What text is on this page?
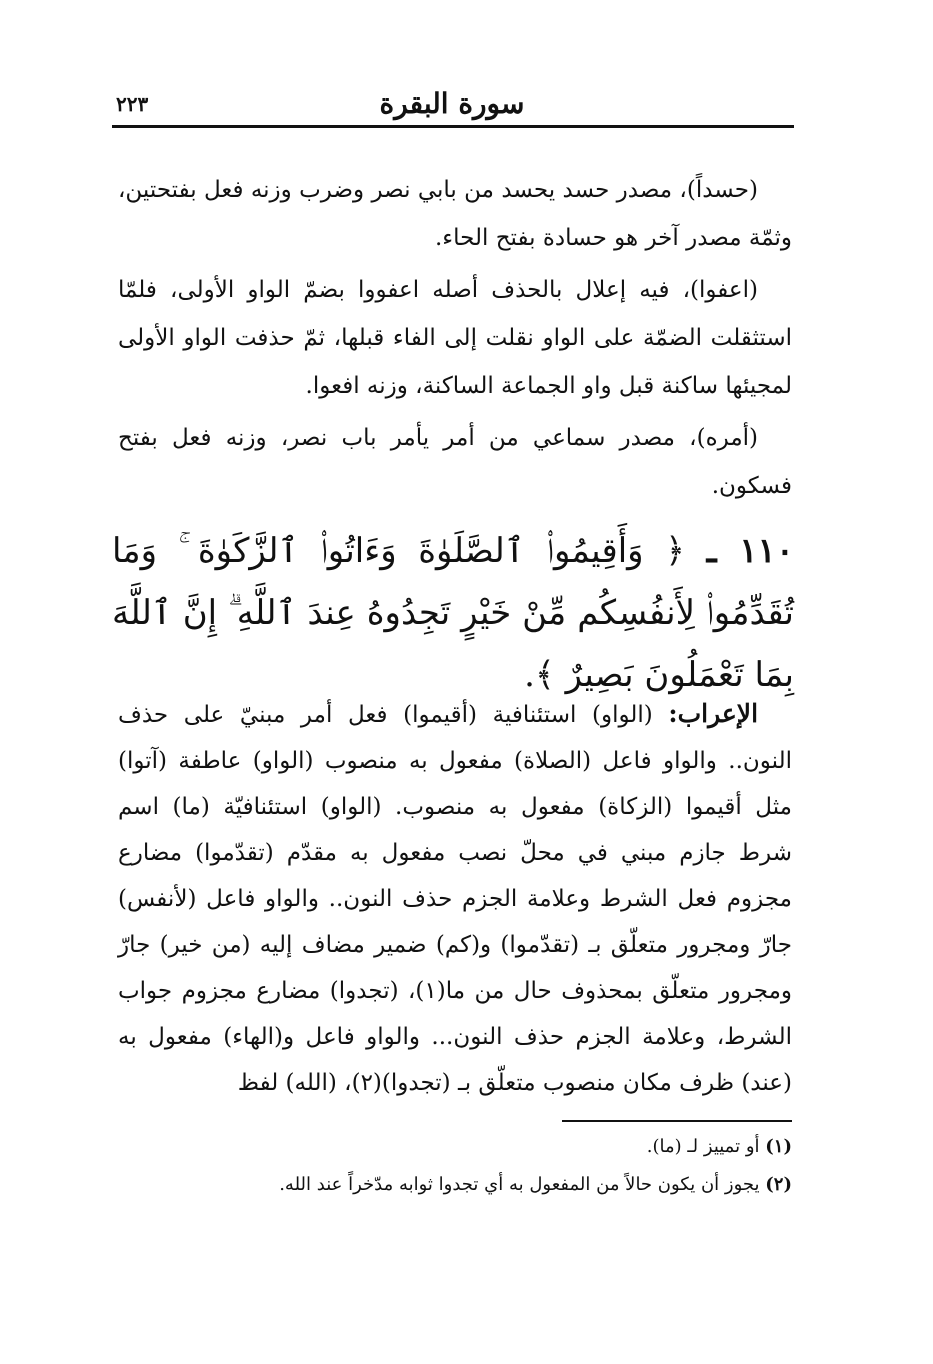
سورة البقرة
٢٢٣

(حسداً)، مصدر حسد يحسد من بابي نصر وضرب وزنه فعل بفتحتين، وثمّة مصدر آخر هو حسادة بفتح الحاء.

(اعفوا)، فيه إعلال بالحذف أصله اعفووا بضمّ الواو الأولى، فلمّا استثقلت الضمّة على الواو نقلت إلى الفاء قبلها، ثمّ حذفت الواو الأولى لمجيئها ساكنة قبل واو الجماعة الساكنة، وزنه افعوا.

(أمره)، مصدر سماعي من أمر يأمر باب نصر، وزنه فعل بفتح فسكون.

١١٠ ـ ﴿ وَأَقِيمُوا۟ ٱلصَّلَوٰةَ وَءَاتُوا۟ ٱلزَّكَوٰةَ ۚ وَمَا تُقَدِّمُوا۟ لِأَنفُسِكُم مِّنْ خَيْرٍ تَجِدُوهُ عِندَ ٱللَّهِ ۗ إِنَّ ٱللَّهَ بِمَا تَعْمَلُونَ بَصِيرٌ ﴾.

الإعراب: (الواو) استئنافية (أقيموا) فعل أمر مبنيّ على حذف النون.. والواو فاعل (الصلاة) مفعول به منصوب (الواو) عاطفة (آتوا) مثل أقيموا (الزكاة) مفعول به منصوب. (الواو) استئنافيّة (ما) اسم شرط جازم مبني في محلّ نصب مفعول به مقدّم (تقدّموا) مضارع مجزوم فعل الشرط وعلامة الجزم حذف النون.. والواو فاعل (لأنفس) جارّ ومجرور متعلّق بـ (تقدّموا) و(كم) ضمير مضاف إليه (من خير) جارّ ومجرور متعلّق بمحذوف حال من ما(١)، (تجدوا) مضارع مجزوم جواب الشرط، وعلامة الجزم حذف النون... والواو فاعل و(الهاء) مفعول به (عند) ظرف مكان منصوب متعلّق بـ (تجدوا)(٢)، (الله) لفظ

(١) أو تمييز لـ (ما).

(٢) يجوز أن يكون حالاً من المفعول به أي تجدوا ثوابه مدّخراً عند الله.
